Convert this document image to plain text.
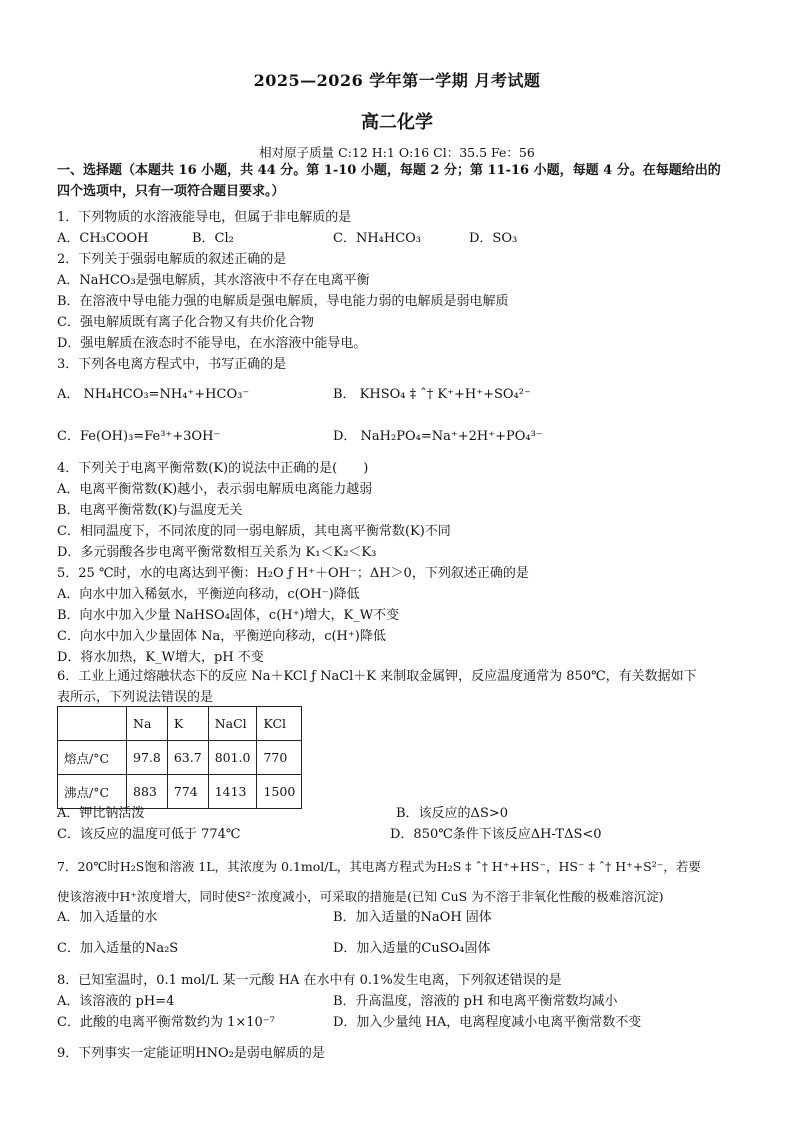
2025—2026 学年第一学期 月考试题
高二化学
相对原子质量 C:12 H:1 O:16 Cl：35.5 Fe：56
一、选择题（本题共 16 小题，共 44 分。第 1-10 小题，每题 2 分；第 11-16 小题，每题 4 分。在每题给出的
四个选项中，只有一项符合题目要求。）
1．下列物质的水溶液能导电，但属于非电解质的是
A．CH₃COOH	B．Cl₂	C．NH₄HCO₃	D．SO₃
2．下列关于强弱电解质的叙述正确的是
A．NaHCO₃是强电解质，其水溶液中不存在电离平衡
B．在溶液中导电能力强的电解质是强电解质，导电能力弱的电解质是弱电解质
C．强电解质既有离子化合物又有共价化合物
D．强电解质在液态时不能导电，在水溶液中能导电。
3．下列各电离方程式中，书写正确的是
A． NH₄HCO₃=NH₄⁺+HCO₃⁻	B． KHSO₄ ‡ ˆ† K⁺+H⁺+SO₄²⁻
C．Fe(OH)₃=Fe³⁺+3OH⁻	D． NaH₂PO₄=Na⁺+2H⁺+PO₄³⁻
4．下列关于电离平衡常数(K)的说法中正确的是(　　)
A．电离平衡常数(K)越小，表示弱电解质电离能力越弱
B．电离平衡常数(K)与温度无关
C．相同温度下，不同浓度的同一弱电解质，其电离平衡常数(K)不同
D．多元弱酸各步电离平衡常数相互关系为 K₁＜K₂＜K₃
5．25 ℃时，水的电离达到平衡：H₂O ƒ H⁺＋OH⁻；ΔH＞0，下列叙述正确的是
A．向水中加入稀氨水，平衡逆向移动，c(OH⁻)降低
B．向水中加入少量 NaHSO₄固体，c(H⁺)增大，K_W不变
C．向水中加入少量固体 Na，平衡逆向移动，c(H⁺)降低
D．将水加热，K_W增大，pH 不变
6．工业上通过熔融状态下的反应 Na＋KCl ƒ NaCl＋K 来制取金属钾，反应温度通常为 850℃，有关数据如下
表所示，下列说法错误的是
	Na	K	NaCl	KCl
熔点/°C	97.8	63.7	801.0	770
沸点/°C	883	774	1413	1500
A．钾比钠活泼	B．该反应的ΔS>0
C．该反应的温度可低于 774℃	D．850℃条件下该反应ΔH-TΔS<0
7．20℃时H₂S饱和溶液 1L，其浓度为 0.1mol/L，其电离方程式为H₂S ‡ ˆ† H⁺+HS⁻，HS⁻ ‡ ˆ† H⁺+S²⁻，若要
使该溶液中H⁺浓度增大，同时使S²⁻浓度减小，可采取的措施是(已知 CuS 为不溶于非氧化性酸的极难溶沉淀)
A．加入适量的水	B．加入适量的NaOH 固体
C．加入适量的Na₂S	D．加入适量的CuSO₄固体
8．已知室温时，0.1 mol/L 某一元酸 HA 在水中有 0.1%发生电离，下列叙述错误的是
A．该溶液的 pH=4	B．升高温度，溶液的 pH 和电离平衡常数均减小
C．此酸的电离平衡常数约为 1×10⁻⁷	D．加入少量纯 HA，电离程度减小电离平衡常数不变
9．下列事实一定能证明HNO₂是弱电解质的是
